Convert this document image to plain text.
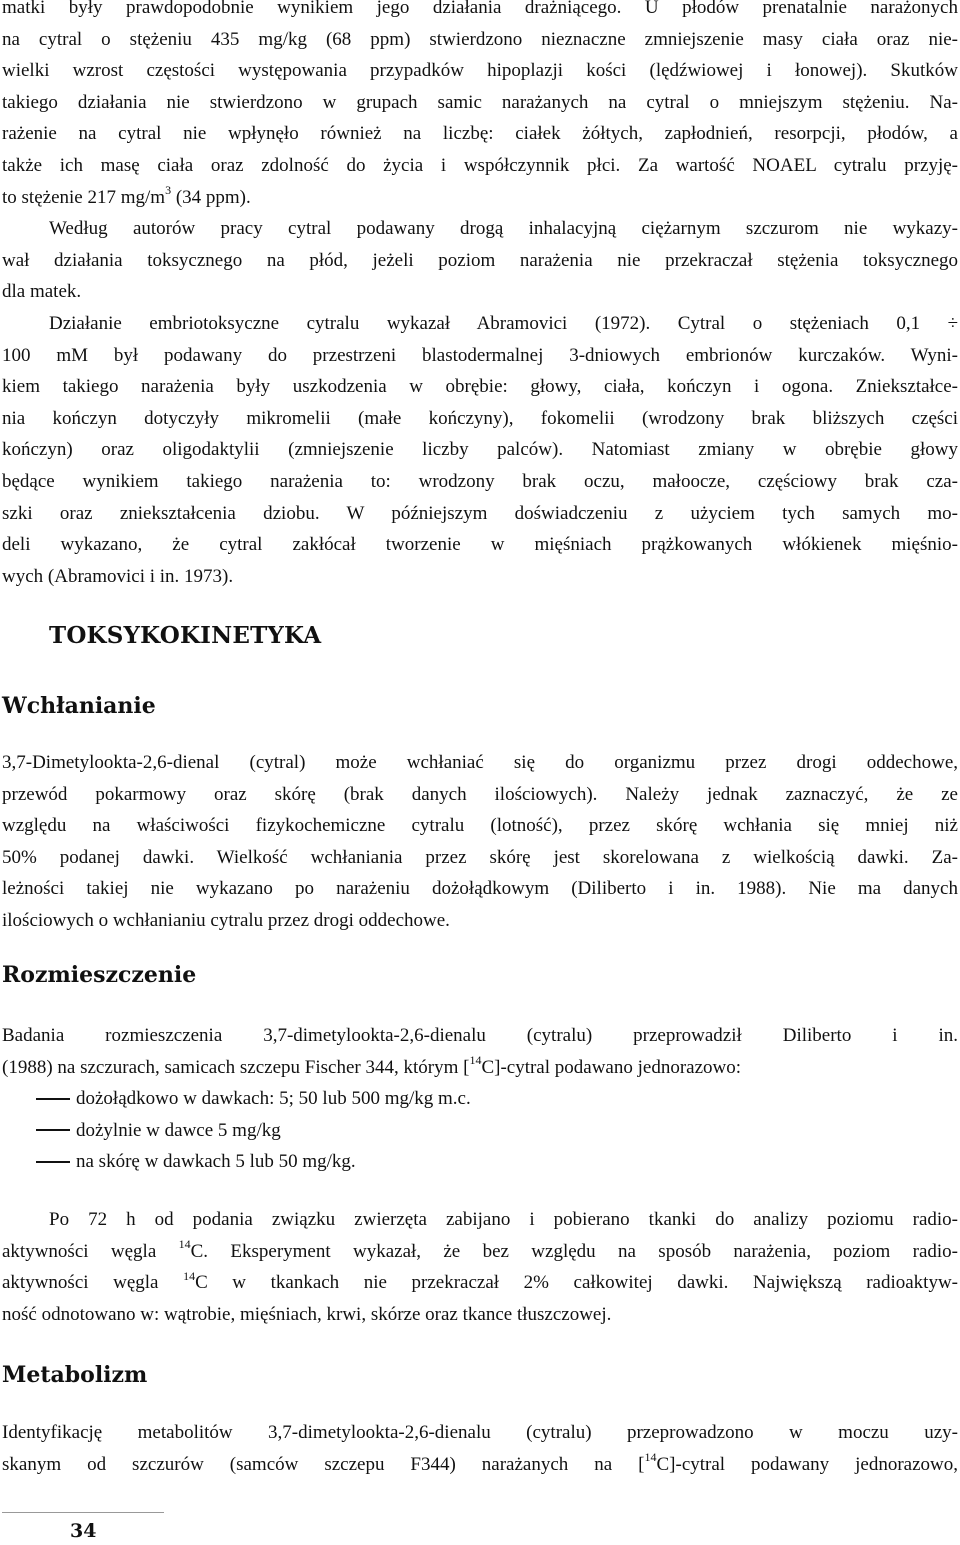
matki były prawdopodobnie wynikiem jego działania drażniącego. U płodów prenatalnie narażonych
na cytral o stężeniu 435 mg/kg (68 ppm) stwierdzono nieznaczne zmniejszenie masy ciała oraz nie-
wielki wzrost częstości występowania przypadków hipoplazji kości (lędźwiowej i łonowej). Skutków
takiego działania nie stwierdzono w grupach samic narażanych na cytral o mniejszym stężeniu. Na-
rażenie na cytral nie wpłynęło również na liczbę: ciałek żółtych, zapłodnień, resorpcji, płodów, a
także ich masę ciała oraz zdolność do życia i współczynnik płci. Za wartość NOAEL cytralu przyję-
to stężenie 217 $mg/m^3$ (34 ppm).
Według autorów pracy cytral podawany drogą inhalacyjną ciężarnym szczurom nie wykazy-
wał działania toksycznego na płód, jeżeli poziom narażenia nie przekraczał stężenia toksycznego
dla matek.
Działanie embriotoksyczne cytralu wykazał Abramovici (1972). Cytral o stężeniach 0,1 ÷
100 mM był podawany do przestrzeni blastodermalnej 3-dniowych embrionów kurczaków. Wyni-
kiem takiego narażenia były uszkodzenia w obrębie: głowy, ciała, kończyn i ogona. Zniekształce-
nia kończyn dotyczyły mikromelii (małe kończyny), fokomelii (wrodzony brak bliższych części
kończyn) oraz oligodaktylii (zmniejszenie liczby palców). Natomiast zmiany w obrębie głowy
będące wynikiem takiego narażenia to: wrodzony brak oczu, małoocze, częściowy brak cza-
szki oraz zniekształcenia dziobu. W późniejszym doświadczeniu z użyciem tych samych mo-
deli wykazano, że cytral zakłócał tworzenie w mięśniach prążkowanych włókienek mięśnio-
wych (Abramovici i in. 1973).
TOKSYKOKINETYKA
Wchłanianie
3,7-Dimetylookta-2,6-dienal (cytral) może wchłaniać się do organizmu przez drogi oddechowe,
przewód pokarmowy oraz skórę (brak danych ilościowych). Należy jednak zaznaczyć, że ze
względu na właściwości fizykochemiczne cytralu (lotność), przez skórę wchłania się mniej niż
50% podanej dawki. Wielkość wchłaniania przez skórę jest skorelowana z wielkością dawki. Za-
leżności takiej nie wykazano po narażeniu dożołądkowym (Diliberto i in. 1988). Nie ma danych
ilościowych o wchłanianiu cytralu przez drogi oddechowe.
Rozmieszczenie
Badania rozmieszczenia 3,7-dimetylookta-2,6-dienalu (cytralu) przeprowadził Diliberto i in.
(1988) na szczurach, samicach szczepu Fischer 344, którym [$^{14}$C]-cytral podawano jednorazowo:
dożołądkowo w dawkach: 5; 50 lub 500 mg/kg m.c.
dożylnie w dawce 5 mg/kg
na skórę w dawkach 5 lub 50 mg/kg.
Po 72 h od podania związku zwierzęta zabijano i pobierano tkanki do analizy poziomu radio-
aktywności węgla $^{14}$C. Eksperyment wykazał, że bez względu na sposób narażenia, poziom radio-
aktywności węgla $^{14}$C w tkankach nie przekraczał 2% całkowitej dawki. Największą radioaktyw-
ność odnotowano w: wątrobie, mięśniach, krwi, skórze oraz tkance tłuszczowej.
Metabolizm
Identyfikację metabolitów 3,7-dimetylookta-2,6-dienalu (cytralu) przeprowadzono w moczu uzy-
skanym od szczurów (samców szczepu F344) narażanych na [$^{14}$C]-cytral podawany jednorazowo,
34
